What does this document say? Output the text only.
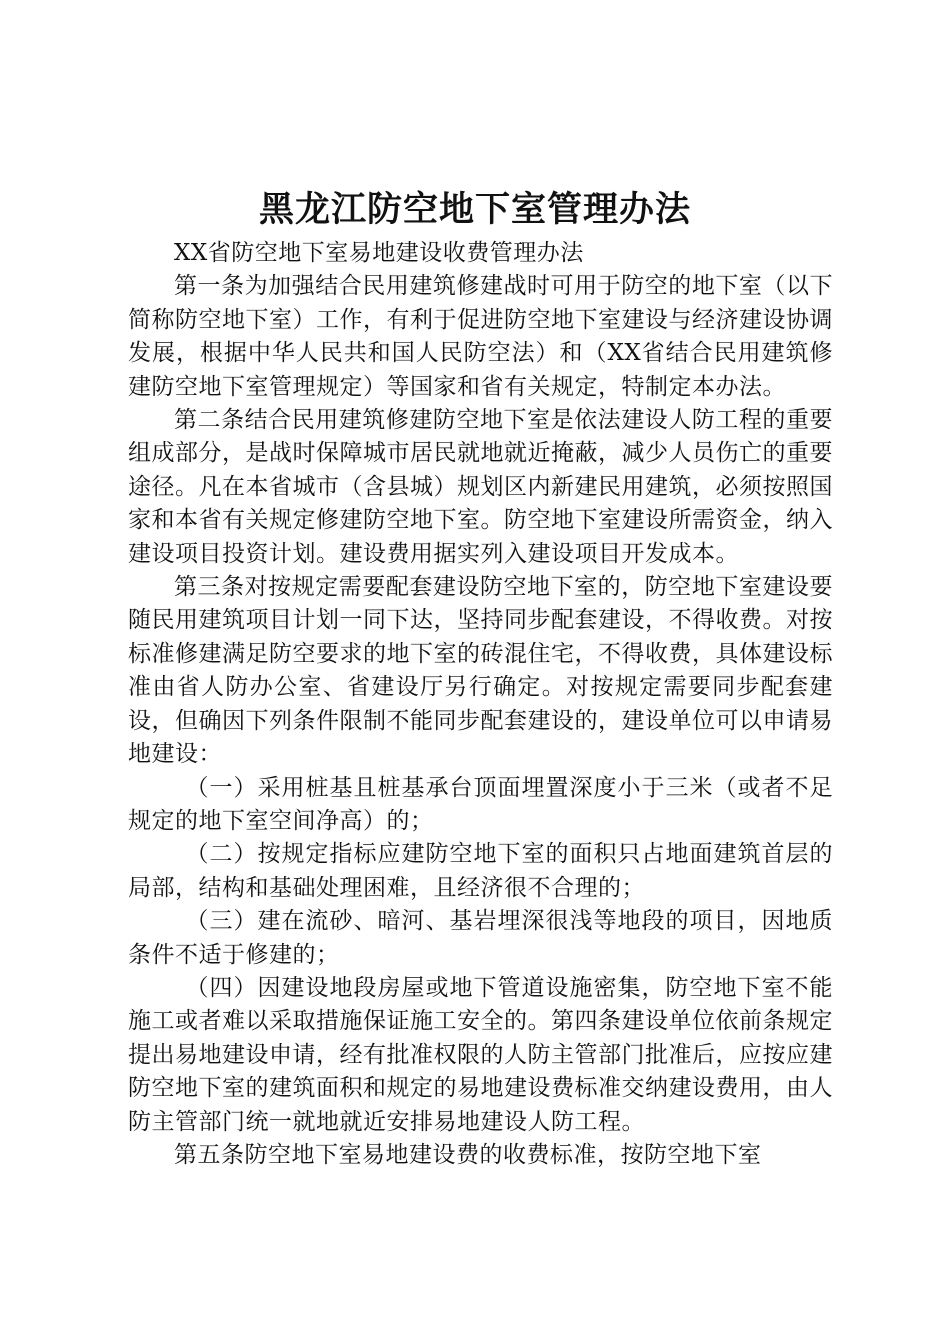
黑龙江防空地下室管理办法

XX省防空地下室易地建设收费管理办法

第一条为加强结合民用建筑修建战时可用于防空的地下室（以下简称防空地下室）工作，有利于促进防空地下室建设与经济建设协调发展，根据中华人民共和国人民防空法）和（XX省结合民用建筑修建防空地下室管理规定）等国家和省有关规定，特制定本办法。

第二条结合民用建筑修建防空地下室是依法建设人防工程的重要组成部分，是战时保障城市居民就地就近掩蔽，减少人员伤亡的重要途径。凡在本省城市（含县城）规划区内新建民用建筑，必须按照国家和本省有关规定修建防空地下室。防空地下室建设所需资金，纳入建设项目投资计划。建设费用据实列入建设项目开发成本。

第三条对按规定需要配套建设防空地下室的，防空地下室建设要随民用建筑项目计划一同下达，坚持同步配套建设，不得收费。对按标准修建满足防空要求的地下室的砖混住宅，不得收费，具体建设标准由省人防办公室、省建设厅另行确定。对按规定需要同步配套建设，但确因下列条件限制不能同步配套建设的，建设单位可以申请易地建设：

（一）采用桩基且桩基承台顶面埋置深度小于三米（或者不足规定的地下室空间净高）的；

（二）按规定指标应建防空地下室的面积只占地面建筑首层的局部，结构和基础处理困难，且经济很不合理的；

（三）建在流砂、暗河、基岩埋深很浅等地段的项目，因地质条件不适于修建的；

（四）因建设地段房屋或地下管道设施密集，防空地下室不能施工或者难以采取措施保证施工安全的。第四条建设单位依前条规定提出易地建设申请，经有批准权限的人防主管部门批准后，应按应建防空地下室的建筑面积和规定的易地建设费标准交纳建设费用，由人防主管部门统一就地就近安排易地建设人防工程。

第五条防空地下室易地建设费的收费标准，按防空地下室
